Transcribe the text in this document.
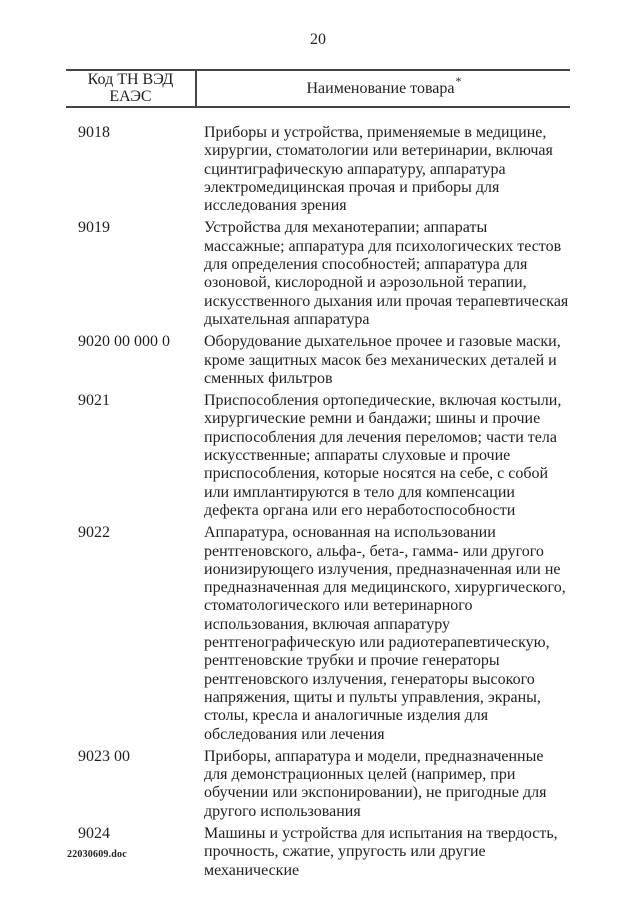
20
Код ТН ВЭД
ЕАЭС	Наименование товара*
9018	Приборы и устройства, применяемые в медицине, хирургии, стоматологии или ветеринарии, включая сцинтиграфическую аппаратуру, аппаратура электромедицинская прочая и приборы для исследования зрения
9019	Устройства для механотерапии; аппараты массажные; аппаратура для психологических тестов для определения способностей; аппаратура для озоновой, кислородной и аэрозольной терапии, искусственного дыхания или прочая терапевтическая дыхательная аппаратура
9020 00 000 0	Оборудование дыхательное прочее и газовые маски, кроме защитных масок без механических деталей и сменных фильтров
9021	Приспособления ортопедические, включая костыли, хирургические ремни и бандажи; шины и прочие приспособления для лечения переломов; части тела искусственные; аппараты слуховые и прочие приспособления, которые носятся на себе, с собой или имплантируются в тело для компенсации дефекта органа или его неработоспособности
9022	Аппаратура, основанная на использовании рентгеновского, альфа-, бета-, гамма- или другого ионизирующего излучения, предназначенная или не предназначенная для медицинского, хирургического, стоматологического или ветеринарного использования, включая аппаратуру рентгенографическую или радиотерапевтическую, рентгеновские трубки и прочие генераторы рентгеновского излучения, генераторы высокого напряжения, щиты и пульты управления, экраны, столы, кресла и аналогичные изделия для обследования или лечения
9023 00	Приборы, аппаратура и модели, предназначенные для демонстрационных целей (например, при обучении или экспонировании), не пригодные для другого использования
9024	Машины и устройства для испытания на твердость, прочность, сжатие, упругость или другие механические
22030609.doc
